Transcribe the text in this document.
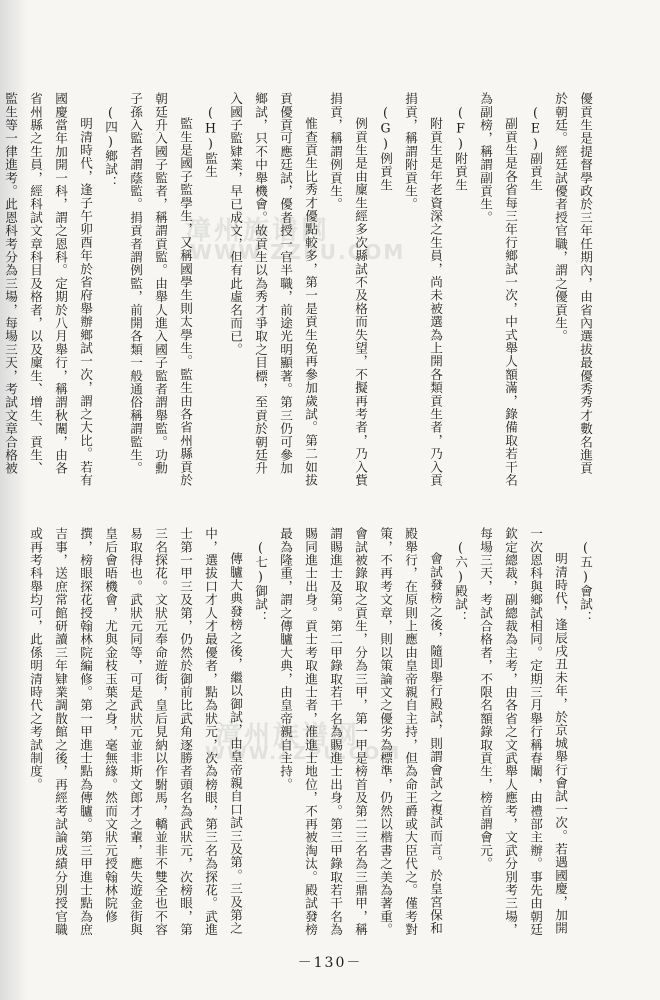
漳州族谱网
WWW.ZZPU.COM
漳州族谱网
WWW.ZZPU.COM

優貢生是提督學政於三年任期內，由省內選拔最優秀秀才數名進貢於朝廷。經廷試優者授官職，謂之優貢生。

(E)副貢生

副貢生是各省每三年行鄉試一次，中式舉人額滿，錄備取若干名為副榜，稱謂副貢生。

(F)附貢生

附貢生是年老資深之生員，尚未被選為上開各類貢生者，乃入貢捐貢，稱謂附貢生。

(G)例貢生

例貢生是由廩生經多次縣試不及格而失望，不擬再考者，乃入貲捐貢，稱謂例貢生。

惟查貢生比秀才優點較多，第一是貢生免再參加歲試。第二如拔貢優貢可應廷試，優者授一官半職，前途光明顯著。第三仍可參加鄉試，只不中舉機會。故貢生以為秀才爭取之目標，至貢於朝廷升入國子監肄業，早已成文，但有此虛名而已。

(H)監生

監生是國子監學生，又稱國學生則太學生。監生由各省州縣貢於朝廷升入國子監者，稱謂貢監。由舉人進入國子監者謂舉監。功勳子孫入監者謂蔭監。捐貢者謂例監，前開各類一般通俗稱謂監生。

(四)鄉試：

明清時代，逢子午卯酉年於省府舉辦鄉試一次，謂之大比。若有國慶當年加開一科，謂之恩科。定期於八月舉行，稱謂秋闈，由各省州縣之生員，經科試文章科目及格者，以及廩生、增生、貢生、監生等一律進考。此恩科考分為三場，每場三天，考試文章合格被

(五)會試：

明清時代，逢辰戌丑未年，於京城舉行會試一次。若遇國慶，加開一次恩科與鄉試相同。定期三月舉行稱春闈，由禮部主辦。事先由朝廷欽定總裁，副總裁為主考，由各省之文武舉人應考，文武分別考三場，每場三天，考試合格者，不限名額錄取貢生，榜首謂會元。

(六)殿試：

會試發榜之後，隨即舉行殿試，則謂會試之複試而言。於皇宮保和殿舉行，在原則上應由皇帝親自主持，但為命王爵或大臣代之。僅考對策，不再考文章，則以策論文之優劣為標準，仍然以楷書之美為著重。會試被錄取之貢生，分為三甲，第一甲是榜首及第二三名為三鼎甲，稱謂賜進士及第。第二甲錄取若干名為賜進士出身。第三甲錄取若干名為賜同進士出身。貢士考取進士者，准進士地位，不再被淘汰。殿試發榜最為隆重，謂之傳臚大典，由皇帝親自主持。

(七)御試：

傳臚大典發榜之後，繼以御試，由皇帝親自口試三及第。三及第之中，選拔口才人才最優者，點為狀元，次為榜眼，第三名為探花。武進士第一甲三及第，仍然於御前比武角逐勝者頭名為武狀元，次榜眼，第三名探花。文狀元奉命遊街，皇后見納以作駙馬，轎並非不雙全也不容易取得也。武狀元同等，可是武狀元並非斯文郎才之輩，應失遊金街與皇后會晤機會，尤與金枝玉葉之身，毫無緣。然而文狀元授翰林院修撰，榜眼探花授翰林院編修。第一甲進士點為傳臚。第三甲進士點為庶吉事，送庶常館研讀三年肄業調散館之後，再經考試論成績分別授官職或再考科舉均可，此係明清時代之考試制度。

－130－
